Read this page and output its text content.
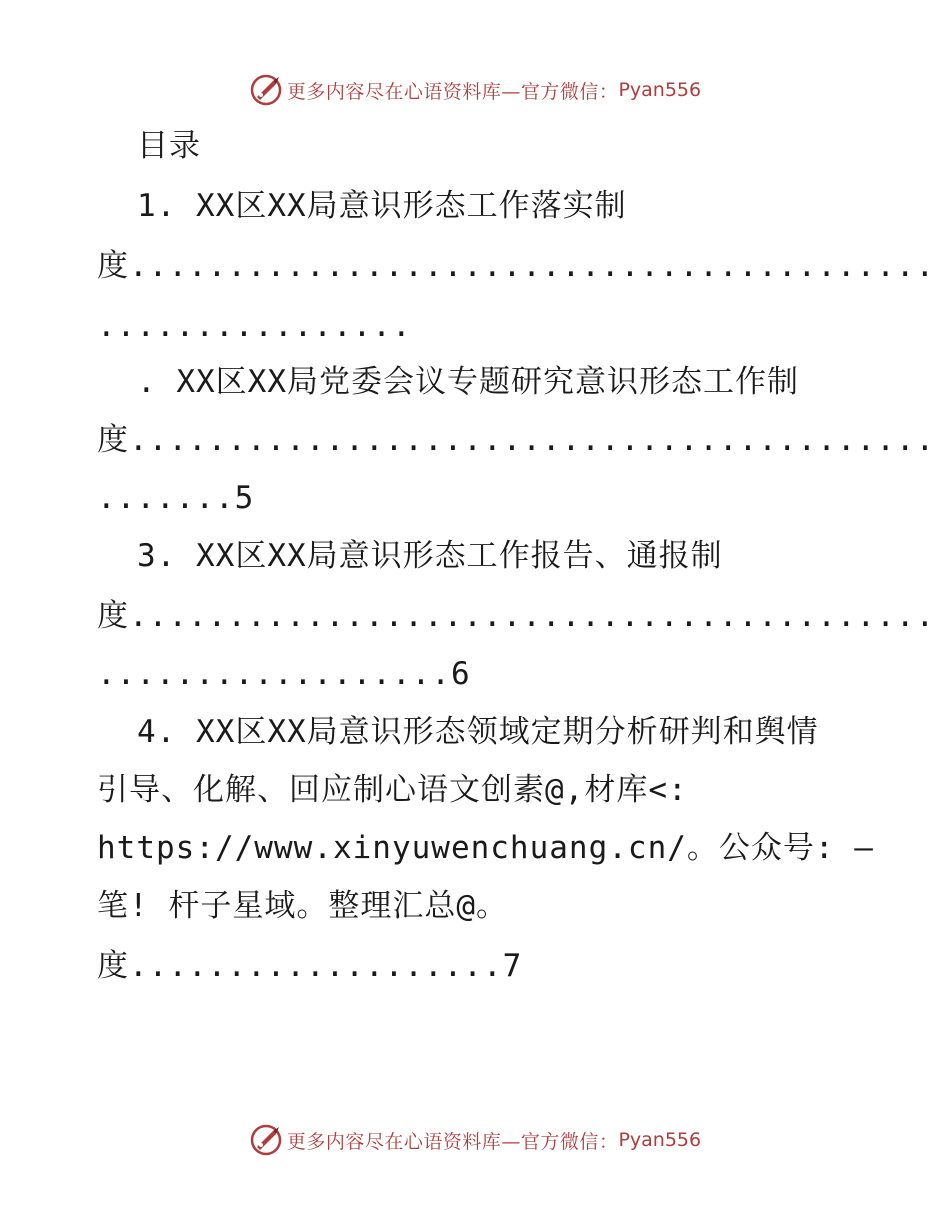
更多内容尽在心语资料库— 官方微信： Pyan556
目录
1. XX区XX局意识形态工作落实制
度.........................................
................
. XX区XX局党委会议专题研究意识形态工作制
度.........................................
.......5
3. XX区XX局意识形态工作报告、通报制
度.........................................
..................6
4. XX区XX局意识形态领域定期分析研判和舆情
引导、化解、回应制心语文创素@,材库<:
https://www.xinyuwenchuang.cn/。公众号: —
笔! 杆子星域。整理汇总@。
度...................7
更多内容尽在心语资料库— 官方微信： Pyan556
